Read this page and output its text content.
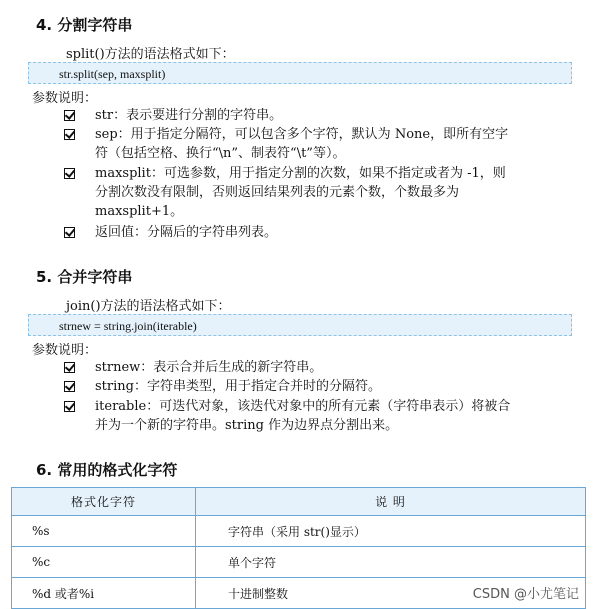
4. 分割字符串
split()方法的语法格式如下：
str.split(sep, maxsplit)
参数说明：
str：表示要进行分割的字符串。
sep：用于指定分隔符，可以包含多个字符，默认为 None，即所有空字
符（包括空格、换行“\n”、制表符“\t”等）。
maxsplit：可选参数，用于指定分割的次数，如果不指定或者为 -1，则
分割次数没有限制，否则返回结果列表的元素个数，个数最多为
maxsplit+1。
返回值：分隔后的字符串列表。
5. 合并字符串
join()方法的语法格式如下：
strnew = string.join(iterable)
参数说明：
strnew：表示合并后生成的新字符串。
string：字符串类型，用于指定合并时的分隔符。
iterable：可迭代对象，该迭代对象中的所有元素（字符串表示）将被合
并为一个新的字符串。string 作为边界点分割出来。
6. 常用的格式化字符
格式化字符	说 明
%s	字符串（采用 str()显示）
%c	单个字符
%d 或者%i	十进制整数	CSDN @小尤笔记
